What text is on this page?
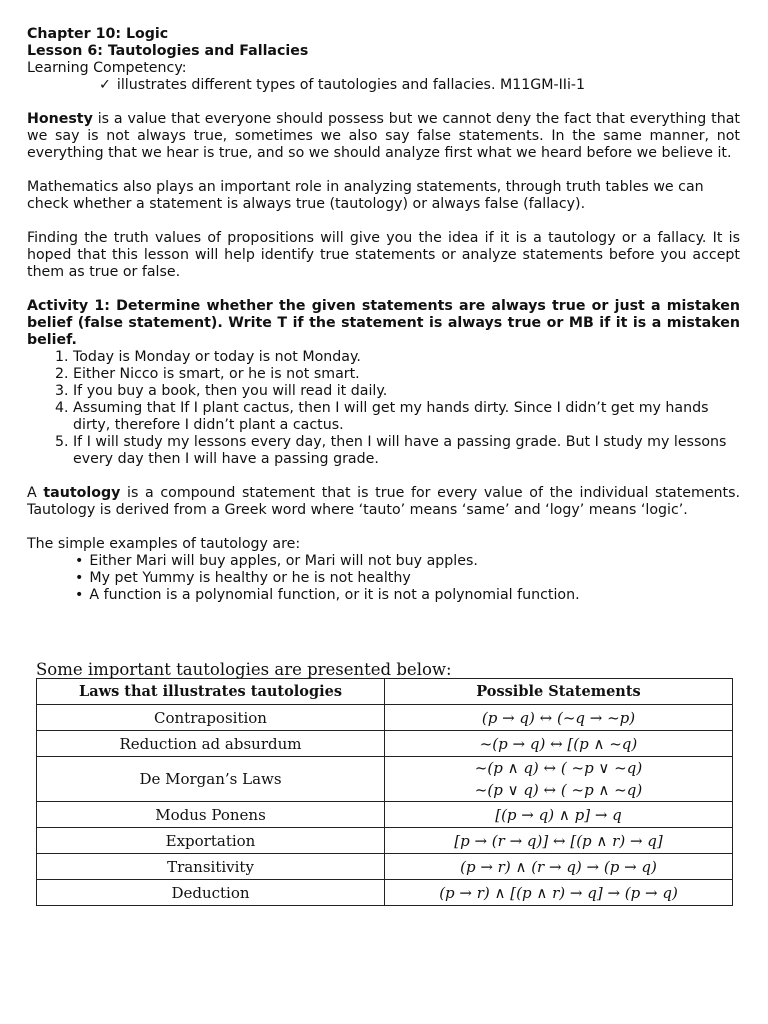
Chapter 10: Logic

Lesson 6: Tautologies and Fallacies

Learning Competency:

✓ illustrates different types of tautologies and fallacies. M11GM-IIi-1

Honesty is a value that everyone should possess but we cannot deny the fact that everything that we say is not always true, sometimes we also say false statements. In the same manner, not everything that we hear is true, and so we should analyze first what we heard before we believe it.

Mathematics also plays an important role in analyzing statements, through truth tables we can check whether a statement is always true (tautology) or always false (fallacy).

Finding the truth values of propositions will give you the idea if it is a tautology or a fallacy. It is hoped that this lesson will help identify true statements or analyze statements before you accept them as true or false.

Activity 1: Determine whether the given statements are always true or just a mistaken belief (false statement). Write T if the statement is always true or MB if it is a mistaken belief.

1. Today is Monday or today is not Monday.
2. Either Nicco is smart, or he is not smart.
3. If you buy a book, then you will read it daily.
4. Assuming that If I plant cactus, then I will get my hands dirty. Since I didn’t get my hands dirty, therefore I didn’t plant a cactus.
5. If I will study my lessons every day, then I will have a passing grade. But I study my lessons every day then I will have a passing grade.

A tautology is a compound statement that is true for every value of the individual statements. Tautology is derived from a Greek word where ‘tauto’ means ‘same’ and ‘logy’ means ‘logic’.

The simple examples of tautology are:

• Either Mari will buy apples, or Mari will not buy apples.
• My pet Yummy is healthy or he is not healthy
• A function is a polynomial function, or it is not a polynomial function.
Some important tautologies are presented below:
Laws that illustrates tautologies	Possible Statements
Contraposition	(p → q) ↔ (~q → ~p)
Reduction ad absurdum	~(p → q) ↔ [(p ∧ ~q)
De Morgan’s Laws	~(p ∧ q) ↔ ( ~p ∨ ~q)
~(p ∨ q) ↔ ( ~p ∧ ~q)

Modus Ponens	[(p → q) ∧ p] → q
Exportation	[p → (r → q)] ↔ [(p ∧ r) → q]
Transitivity	(p → r) ∧ (r → q) → (p → q)
Deduction	(p → r) ∧ [(p ∧ r) → q] → (p → q)
